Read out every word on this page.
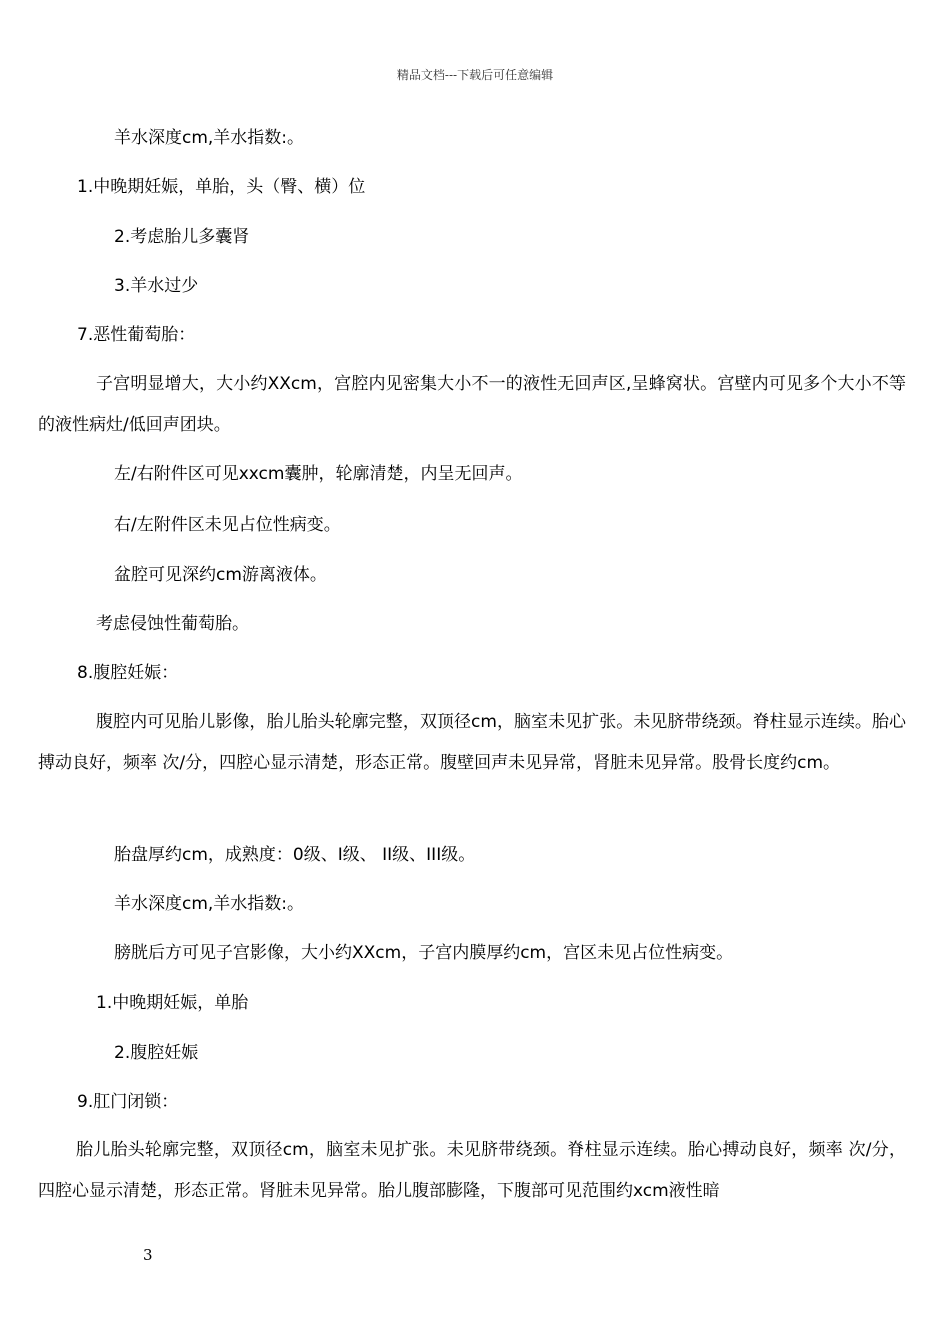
精品文档---下载后可任意编辑
羊水深度cm,羊水指数:。
1.中晚期妊娠，单胎，头（臀、横）位
2.考虑胎儿多囊肾
3.羊水过少
7.恶性葡萄胎：
子宫明显增大，大小约XXcm，宫腔内见密集大小不一的液性无回声区,呈蜂窝状。宫壁内可见多个大小不等的液性病灶/低回声团块。
左/右附件区可见xxcm囊肿，轮廓清楚，内呈无回声。
右/左附件区未见占位性病变。
盆腔可见深约cm游离液体。
考虑侵蚀性葡萄胎。
8.腹腔妊娠：
腹腔内可见胎儿影像，胎儿胎头轮廓完整，双顶径cm，脑室未见扩张。未见脐带绕颈。脊柱显示连续。胎心搏动良好，频率 次/分，四腔心显示清楚，形态正常。腹壁回声未见异常，肾脏未见异常。股骨长度约cm。
胎盘厚约cm，成熟度：0级、Ⅰ级、 ⅠⅠ级、ⅠⅠⅠ级。
羊水深度cm,羊水指数:。
膀胱后方可见子宫影像，大小约XXcm，子宫内膜厚约cm，宫区未见占位性病变。
1.中晚期妊娠，单胎
2.腹腔妊娠
9.肛门闭锁：
胎儿胎头轮廓完整，双顶径cm，脑室未见扩张。未见脐带绕颈。脊柱显示连续。胎心搏动良好，频率 次/分，四腔心显示清楚，形态正常。肾脏未见异常。胎儿腹部膨隆，下腹部可见范围约xcm液性暗
3
